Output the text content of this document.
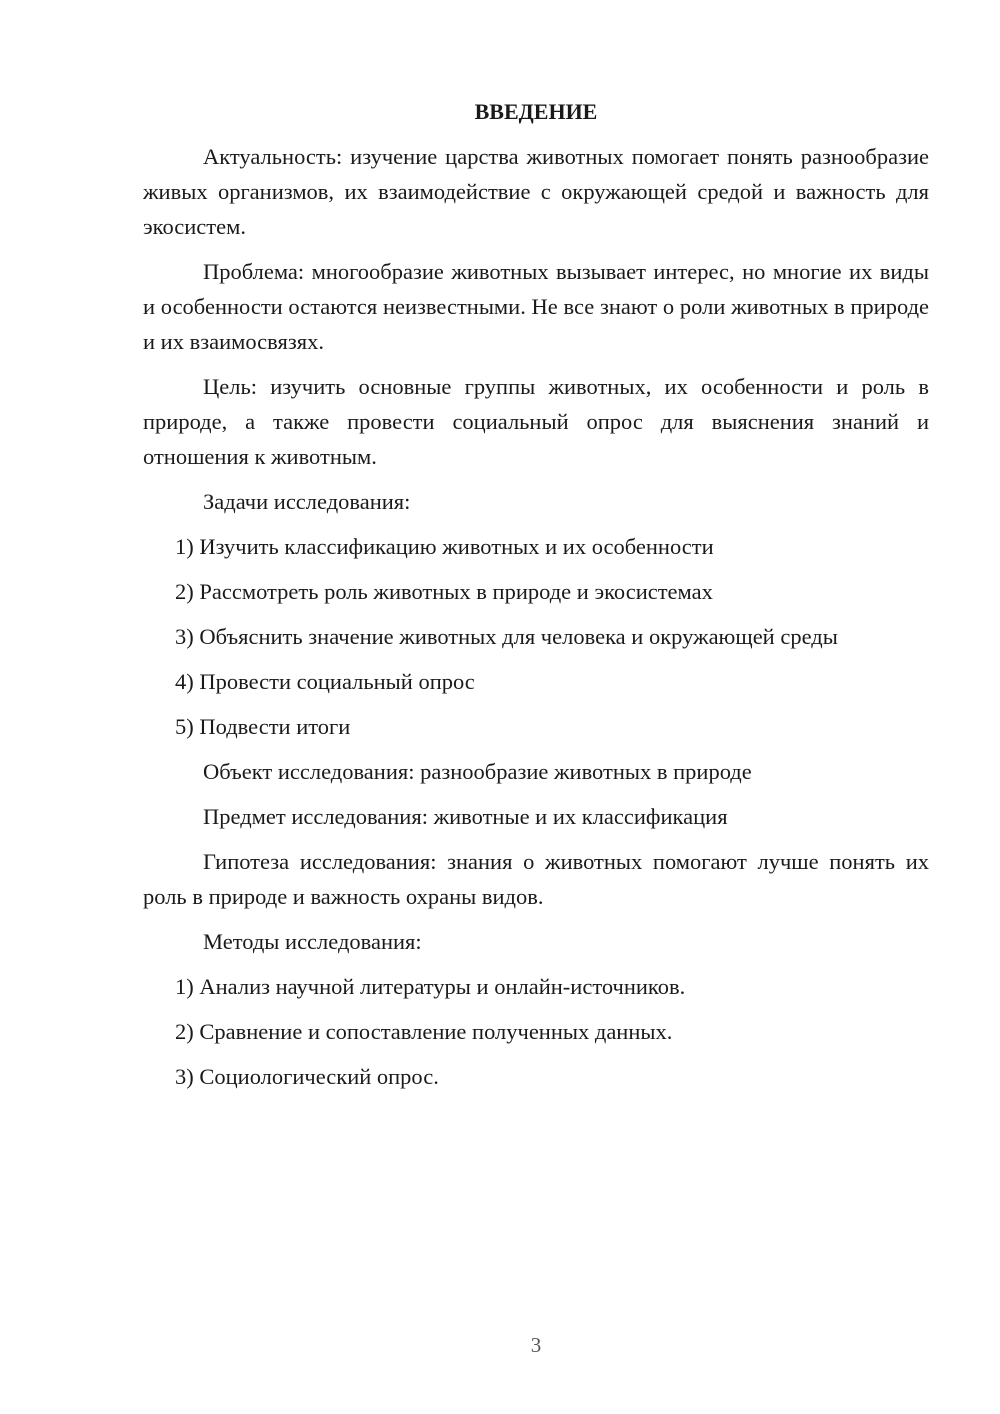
ВВЕДЕНИЕ

Актуальность: изучение царства животных помогает понять разнообразие живых организмов, их взаимодействие с окружающей средой и важность для экосистем.

Проблема: многообразие животных вызывает интерес, но многие их виды и особенности остаются неизвестными. Не все знают о роли животных в природе и их взаимосвязях.

Цель: изучить основные группы животных, их особенности и роль в природе, а также провести социальный опрос для выяснения знаний и отношения к животным.

Задачи исследования:

1) Изучить классификацию животных и их особенности

2) Рассмотреть роль животных в природе и экосистемах

3) Объяснить значение животных для человека и окружающей среды

4) Провести социальный опрос

5) Подвести итоги

Объект исследования: разнообразие животных в природе

Предмет исследования: животные и их классификация

Гипотеза исследования: знания о животных помогают лучше понять их роль в природе и важность охраны видов.

Методы исследования:

1) Анализ научной литературы и онлайн-источников.

2) Сравнение и сопоставление полученных данных.

3) Социологический опрос.

3
